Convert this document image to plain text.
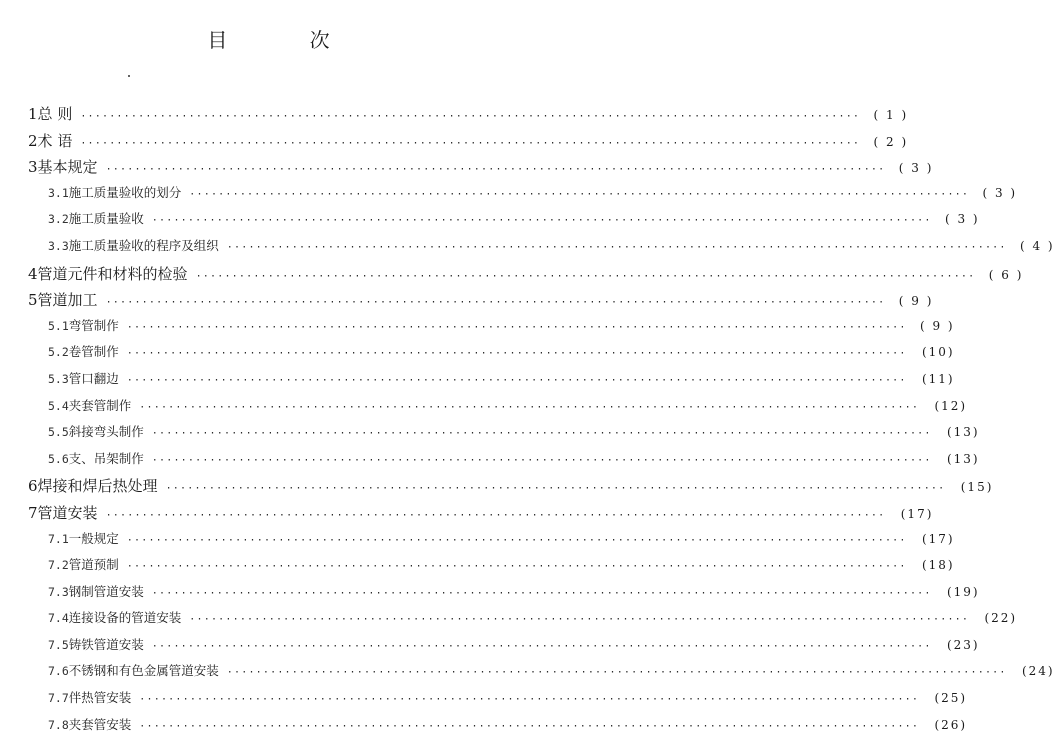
目 次
1 总 则 ············································································································	( 1 )
2 术 语 ············································································································	( 2 )
3 基本规定 ············································································································	( 3 )
3.1 施工质量验收的划分 ············································································································	( 3 )
3.2 施工质量验收 ············································································································	( 3 )
3.3 施工质量验收的程序及组织 ············································································································	( 4 )
4 管道元件和材料的检验 ············································································································	( 6 )
5 管道加工 ············································································································	( 9 )
5.1 弯管制作 ············································································································	( 9 )
5.2 卷管制作 ············································································································	(10)
5.3 管口翻边 ············································································································	(11)
5.4 夹套管制作 ············································································································	(12)
5.5 斜接弯头制作 ············································································································	(13)
5.6 支、吊架制作 ············································································································	(13)
6 焊接和焊后热处理 ············································································································	(15)
7 管道安装 ············································································································	(17)
7.1 一般规定 ············································································································	(17)
7.2 管道预制 ············································································································	(18)
7.3 钢制管道安装 ············································································································	(19)
7.4 连接设备的管道安装 ············································································································	(22)
7.5 铸铁管道安装 ············································································································	(23)
7.6 不锈钢和有色金属管道安装 ············································································································	(24)
7.7 伴热管安装 ············································································································	(25)
7.8 夹套管安装 ············································································································	(26)
